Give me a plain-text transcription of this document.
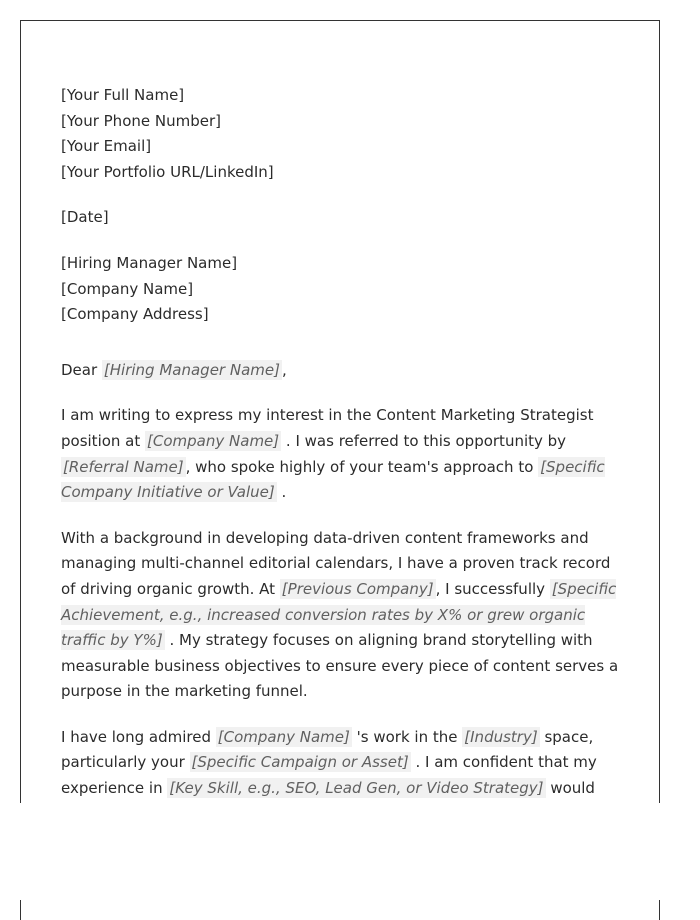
[Your Full Name]
[Your Phone Number]
[Your Email]
[Your Portfolio URL/LinkedIn]
[Date]
[Hiring Manager Name]
[Company Name]
[Company Address]

Dear [Hiring Manager Name] ,

I am writing to express my interest in the Content Marketing Strategist position at [Company Name] . I was referred to this opportunity by [Referral Name] , who spoke highly of your team's approach to [Specific Company Initiative or Value] .

With a background in developing data-driven content frameworks and managing multi-channel editorial calendars, I have a proven track record of driving organic growth. At [Previous Company] , I successfully [Specific Achievement, e.g., increased conversion rates by X% or grew organic traffic by Y%] . My strategy focuses on aligning brand storytelling with measurable business objectives to ensure every piece of content serves a purpose in the marketing funnel.

I have long admired [Company Name] 's work in the [Industry] space, particularly your [Specific Campaign or Asset] . I am confident that my experience in [Key Skill, e.g., SEO, Lead Gen, or Video Strategy] would
